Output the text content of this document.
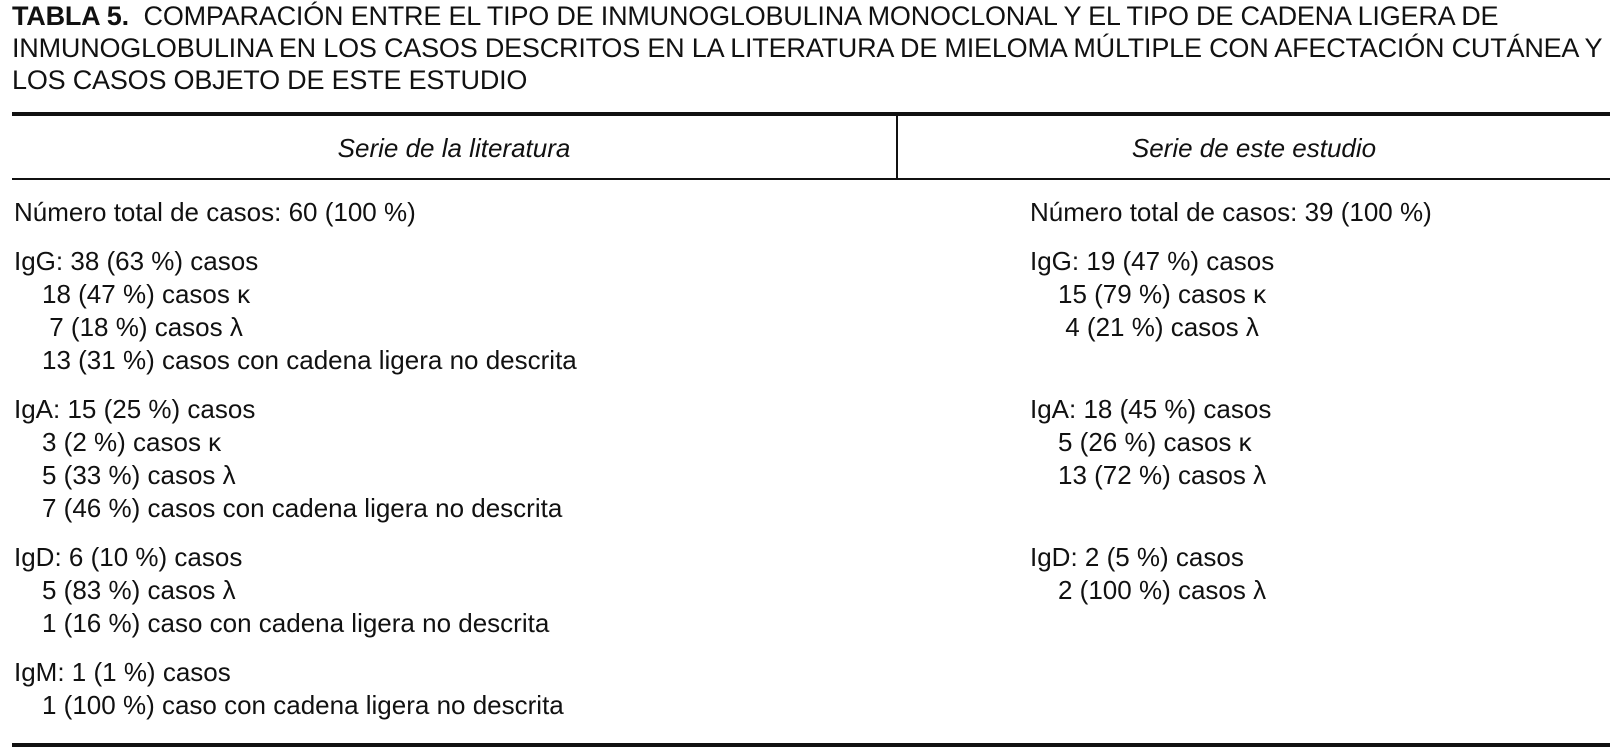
TABLA 5. COMPARACIÓN ENTRE EL TIPO DE INMUNOGLOBULINA MONOCLONAL Y EL TIPO DE CADENA LIGERA DE INMUNOGLOBULINA EN LOS CASOS DESCRITOS EN LA LITERATURA DE MIELOMA MÚLTIPLE CON AFECTACIÓN CUTÁNEA Y LOS CASOS OBJETO DE ESTE ESTUDIO
Serie de la literatura	Serie de este estudio
Número total de casos: 60 (100 %)
IgG: 38 (63 %) casos
18 (47 %) casos κ
7 (18 %) casos λ
13 (31 %) casos con cadena ligera no descrita
IgA: 15 (25 %) casos
3 (2 %) casos κ
5 (33 %) casos λ
7 (46 %) casos con cadena ligera no descrita
IgD: 6 (10 %) casos
5 (83 %) casos λ
1 (16 %) caso con cadena ligera no descrita
IgM: 1 (1 %) casos
1 (100 %) caso con cadena ligera no descrita
Número total de casos: 39 (100 %)
IgG: 19 (47 %) casos
15 (79 %) casos κ
4 (21 %) casos λ
IgA: 18 (45 %) casos
5 (26 %) casos κ
13 (72 %) casos λ
IgD: 2 (5 %) casos
2 (100 %) casos λ
